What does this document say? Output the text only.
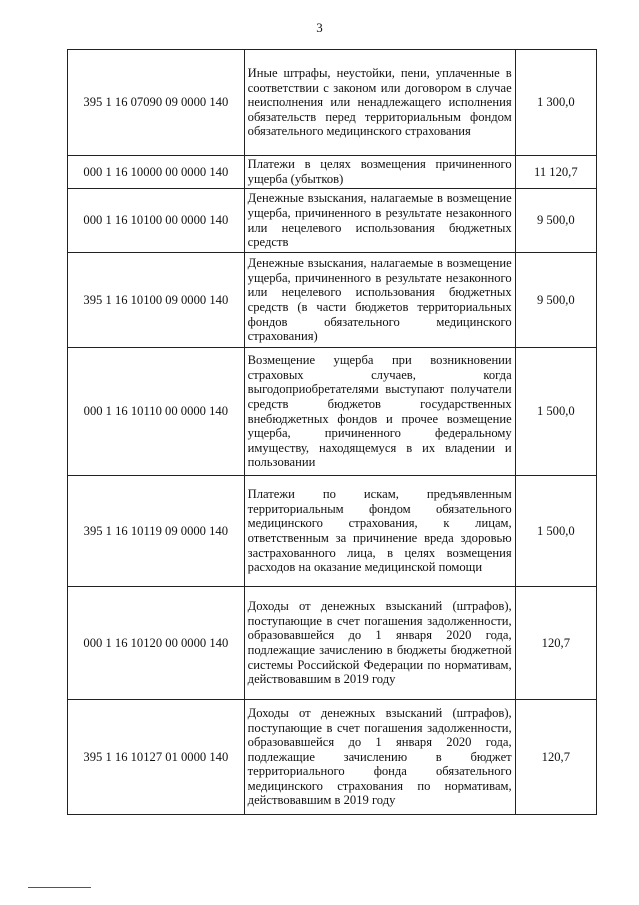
3
395 1 16 07090 09 0000 140	Иные штрафы, неустойки, пени, уплаченные в соответствии с законом или договором в случае неисполнения или ненадлежащего исполнения обязательств перед территориальным фондом обязательного медицинского страхования	1 300,0
000 1 16 10000 00 0000 140	Платежи в целях возмещения причиненного ущерба (убытков)	11 120,7
000 1 16 10100 00 0000 140	Денежные взыскания, налагаемые в возмещение ущерба, причиненного в результате незаконного или нецелевого использования бюджетных средств	9 500,0
395 1 16 10100 09 0000 140	Денежные взыскания, налагаемые в возмещение ущерба, причиненного в результате незаконного или нецелевого использования бюджетных средств (в части бюджетов территориальных фондов обязательного медицинского страхования)	9 500,0
000 1 16 10110 00 0000 140	Возмещение ущерба при возникновении страховых случаев, когда выгодоприобретателями выступают получатели средств бюджетов государственных внебюджетных фондов и прочее возмещение ущерба, причиненного федеральному имуществу, находящемуся в их владении и пользовании	1 500,0
395 1 16 10119 09 0000 140	Платежи по искам, предъявленным территориальным фондом обязательного медицинского страхования, к лицам, ответственным за причинение вреда здоровью застрахованного лица, в целях возмещения расходов на оказание медицинской помощи	1 500,0
000 1 16 10120 00 0000 140	Доходы от денежных взысканий (штрафов), поступающие в счет погашения задолженности, образовавшейся до 1 января 2020 года, подлежащие зачислению в бюджеты бюджетной системы Российской Федерации по нормативам, действовавшим в 2019 году	120,7
395 1 16 10127 01 0000 140	Доходы от денежных взысканий (штрафов), поступающие в счет погашения задолженности, образовавшейся до 1 января 2020 года, подлежащие зачислению в бюджет территориального фонда обязательного медицинского страхования по нормативам, действовавшим в 2019 году	120,7
